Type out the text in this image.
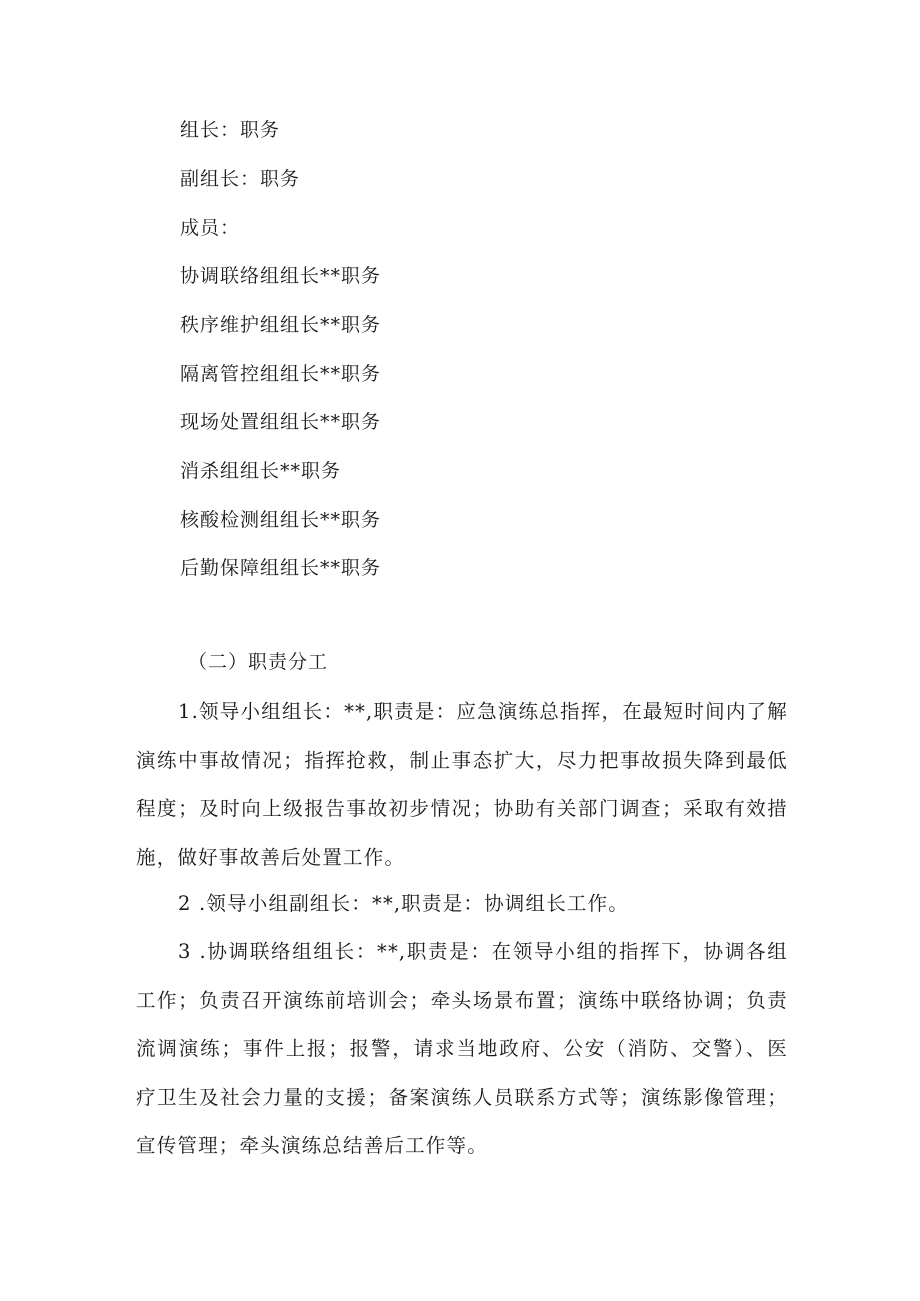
组长：职务
副组长：职务
成员：
协调联络组组长**职务
秩序维护组组长**职务
隔离管控组组长**职务
现场处置组组长**职务
消杀组组长**职务
核酸检测组组长**职务
后勤保障组组长**职务
（二）职责分工
1.领导小组组长：**,职责是：应急演练总指挥，在最短时间内了解演练中事故情况；指挥抢救，制止事态扩大，尽力把事故损失降到最低程度；及时向上级报告事故初步情况；协助有关部门调查；采取有效措施，做好事故善后处置工作。
2 .领导小组副组长：**,职责是：协调组长工作。
3 .协调联络组组长：**,职责是：在领导小组的指挥下，协调各组工作；负责召开演练前培训会；牵头场景布置；演练中联络协调；负责流调演练；事件上报；报警，请求当地政府、公安（消防、交警）、医疗卫生及社会力量的支援；备案演练人员联系方式等；演练影像管理；宣传管理；牵头演练总结善后工作等。
